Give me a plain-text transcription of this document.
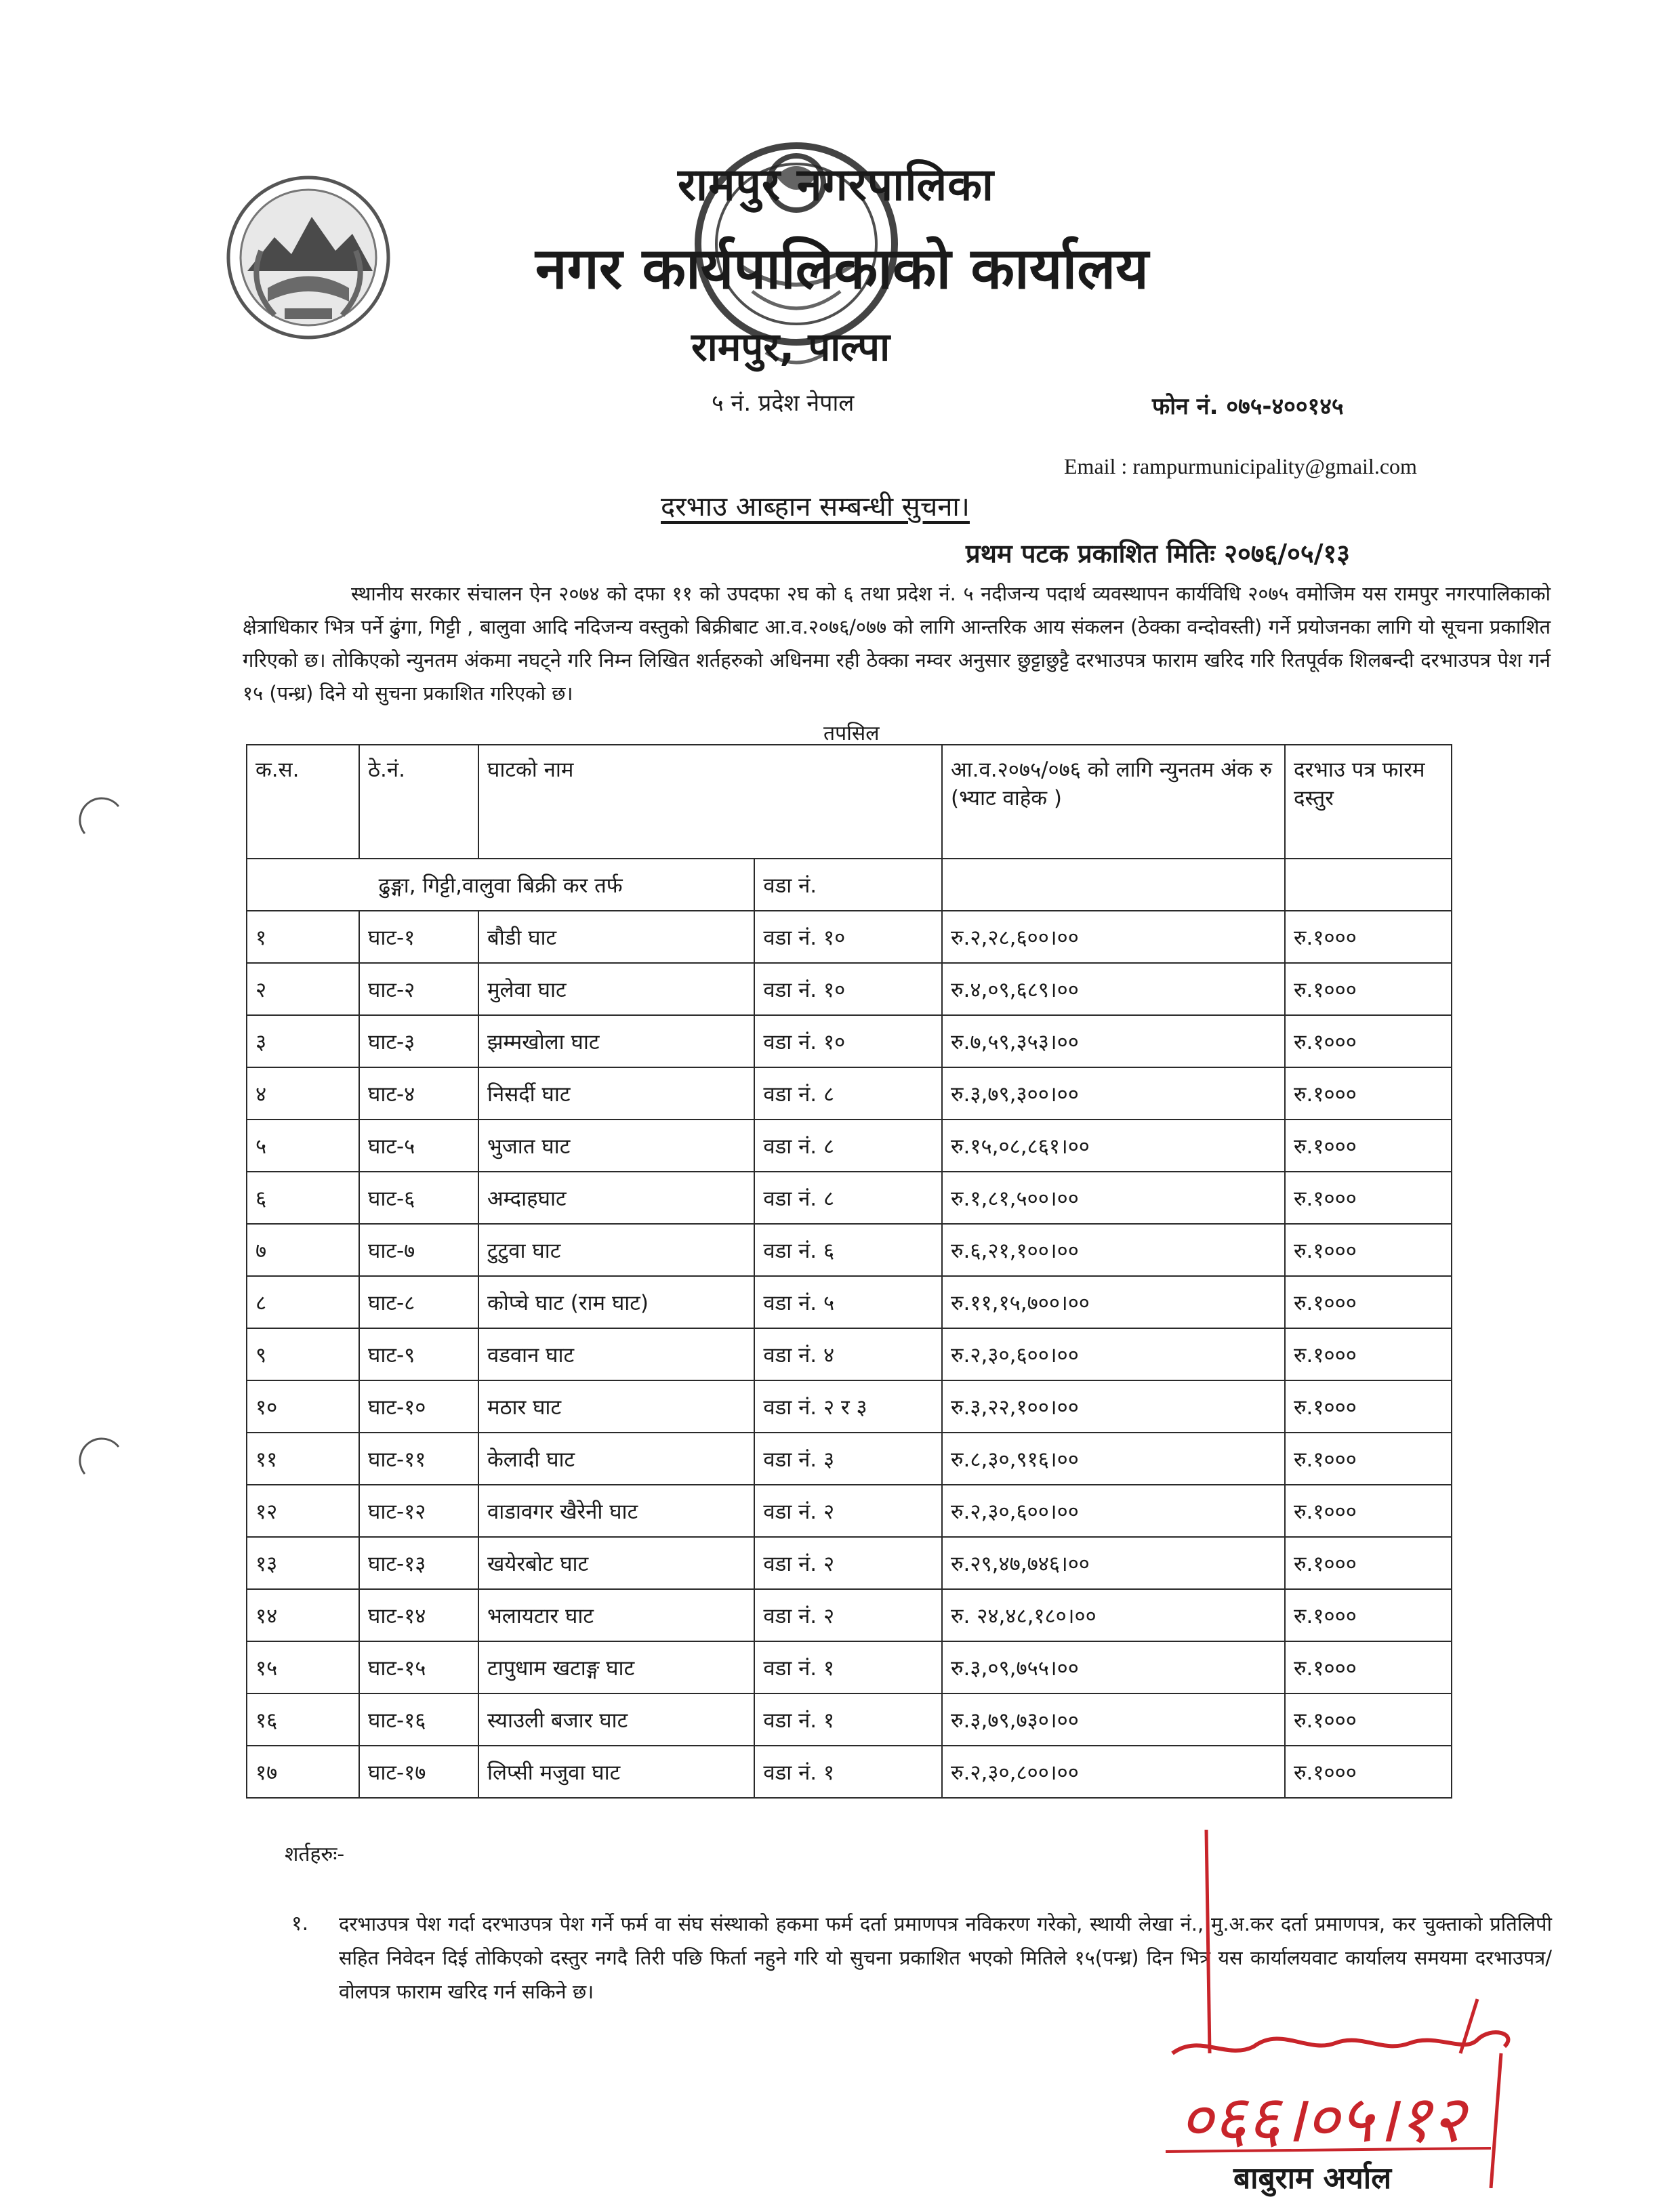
रामपुर नगरपालिका
नगर कार्यपालिकाको कार्यालय
रामपुर, पाल्पा
५ नं. प्रदेश नेपाल	फोन नं. ०७५-४००१४५
Email : rampurmunicipality@gmail.com
दरभाउ आब्हान सम्बन्धी सुचना।
प्रथम पटक प्रकाशित मितिः २०७६/०५/१३

स्थानीय सरकार संचालन ऐन २०७४ को दफा ११ को उपदफा २घ को ६ तथा प्रदेश नं. ५ नदीजन्य पदार्थ व्यवस्थापन कार्यविधि २०७५ वमोजिम यस रामपुर नगरपालिकाको क्षेत्राधिकार भित्र पर्ने ढुंगा, गिट्टी , बालुवा आदि नदिजन्य वस्तुको बिक्रीबाट आ.व.२०७६/०७७ को लागि आन्तरिक आय संकलन (ठेक्का वन्दोवस्ती) गर्ने प्रयोजनका लागि यो सूचना प्रकाशित गरिएको छ। तोकिएको न्युनतम अंकमा नघट्ने गरि निम्न लिखित शर्तहरुको अधिनमा रही ठेक्का नम्वर अनुसार छुट्टाछुट्टै दरभाउपत्र फाराम खरिद गरि रितपूर्वक शिलबन्दी दरभाउपत्र पेश गर्न १५ (पन्ध्र) दिने यो सुचना प्रकाशित गरिएको छ।

तपसिल
क.स.	ठे.नं.	घाटको नाम		आ.व.२०७५/०७६ को लागि न्युनतम अंक रु (भ्याट वाहेक )	दरभाउ पत्र फारम दस्तुर
ढुङ्गा, गिट्टी,वालुवा बिक्री कर तर्फ			वडा नं.		
१	घाट-१	बौडी घाट	वडा नं. १०	रु.२,२८,६००।००	रु.१०००
२	घाट-२	मुलेवा घाट	वडा नं. १०	रु.४,०९,६८९।००	रु.१०००
३	घाट-३	झम्मखोला घाट	वडा नं. १०	रु.७,५९,३५३।००	रु.१०००
४	घाट-४	निसर्दी घाट	वडा नं. ८	रु.३,७९,३००।००	रु.१०००
५	घाट-५	भुजात घाट	वडा नं. ८	रु.१५,०८,८६१।००	रु.१०००
६	घाट-६	अम्दाहघाट	वडा नं. ८	रु.१,८१,५००।००	रु.१०००
७	घाट-७	टुटुवा घाट	वडा नं. ६	रु.६,२१,१००।००	रु.१०००
८	घाट-८	कोप्चे घाट (राम घाट)	वडा नं. ५	रु.११,१५,७००।००	रु.१०००
९	घाट-९	वडवान घाट	वडा नं. ४	रु.२,३०,६००।००	रु.१०००
१०	घाट-१०	मठार घाट	वडा नं. २ र ३	रु.३,२२,१००।००	रु.१०००
११	घाट-११	केलादी घाट	वडा नं. ३	रु.८,३०,९१६।००	रु.१०००
१२	घाट-१२	वाडावगर खैरेनी घाट	वडा नं. २	रु.२,३०,६००।००	रु.१०००
१३	घाट-१३	खयेरबोट घाट	वडा नं. २	रु.२९,४७,७४६।००	रु.१०००
१४	घाट-१४	भलायटार घाट	वडा नं. २	रु. २४,४८,१८०।००	रु.१०००
१५	घाट-१५	टापुधाम खटाङ्ग घाट	वडा नं. १	रु.३,०९,७५५।००	रु.१०००
१६	घाट-१६	स्याउली बजार घाट	वडा नं. १	रु.३,७९,७३०।००	रु.१०००
१७	घाट-१७	लिप्सी मजुवा घाट	वडा नं. १	रु.२,३०,८००।००	रु.१०००
शर्तहरुः-
१. दरभाउपत्र पेश गर्दा दरभाउपत्र पेश गर्ने फर्म वा संघ संस्थाको हकमा फर्म दर्ता प्रमाणपत्र नविकरण गरेको, स्थायी लेखा नं., मु.अ.कर दर्ता प्रमाणपत्र, कर चुक्ताको प्रतिलिपी सहित निवेदन दिई तोकिएको दस्तुर नगदै तिरी पछि फिर्ता नहुने गरि यो सुचना प्रकाशित भएको मितिले १५(पन्ध्र) दिन भित्र यस कार्यालयवाट कार्यालय समयमा दरभाउपत्र/वोलपत्र फाराम खरिद गर्न सकिने छ।

०६६।०५।१२
बाबुराम अर्याल
